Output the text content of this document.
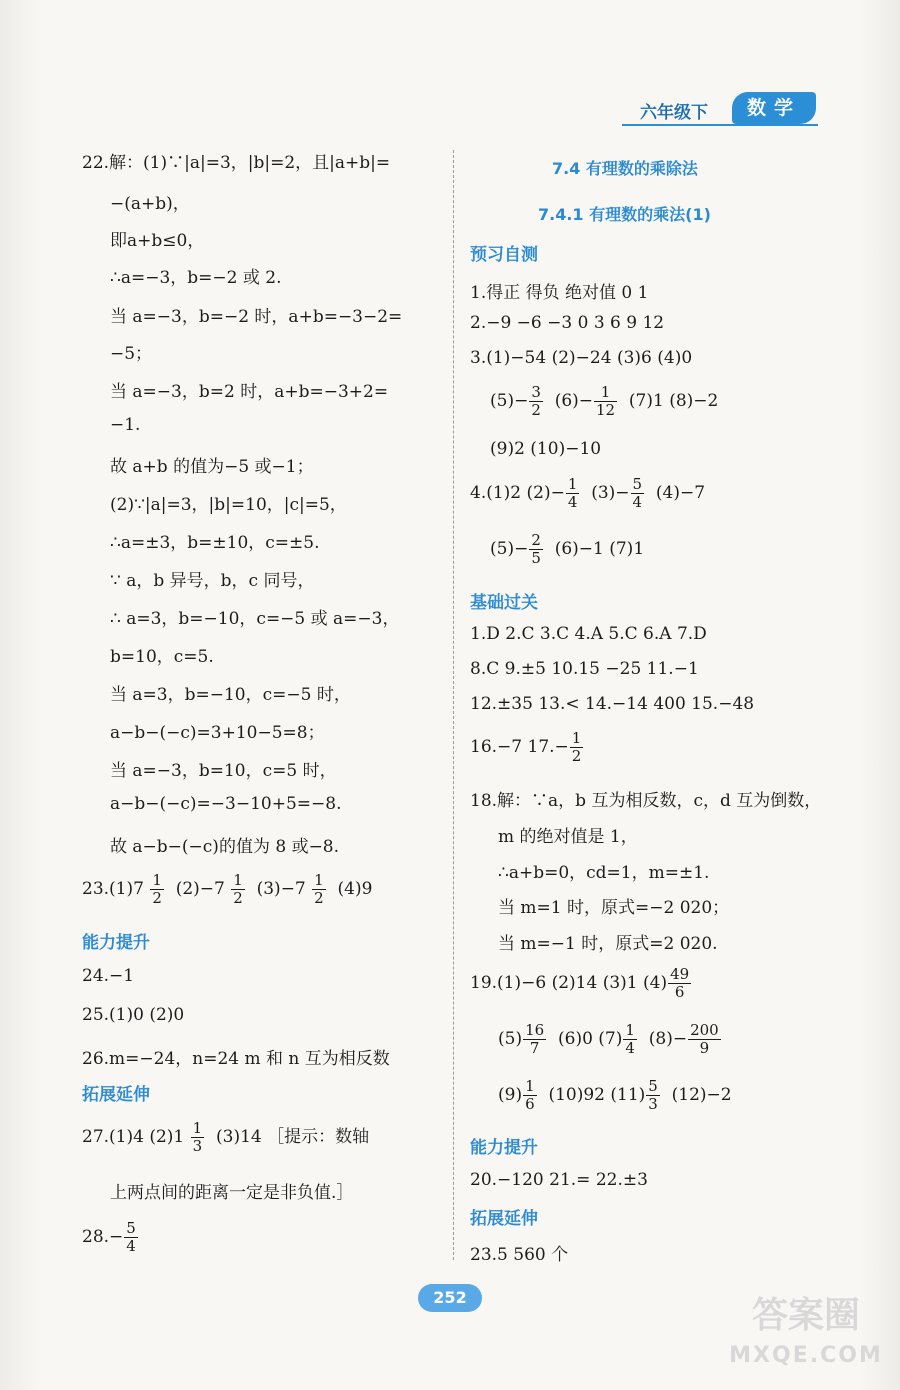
六年级下	数学
22.解：(1)∵|a|=3，|b|=2，且|a+b|=
−(a+b)，
即a+b≤0，
∴a=−3，b=−2 或 2.
当 a=−3，b=−2 时，a+b=−3−2=
−5；
当 a=−3，b=2 时，a+b=−3+2=
−1.
故 a+b 的值为−5 或−1；
(2)∵|a|=3，|b|=10，|c|=5，
∴a=±3，b=±10，c=±5.
∵ a，b 异号，b，c 同号，
∴ a=3，b=−10，c=−5 或 a=−3，
b=10，c=5.
当 a=3，b=−10，c=−5 时，
a−b−(−c)=3+10−5=8；
当 a=−3，b=10，c=5 时，
a−b−(−c)=−3−10+5=−8.
故 a−b−(−c)的值为 8 或−8.
$23.(1)7 \frac{1}{2} (2)-7 \frac{1}{2} (3)-7 \frac{1}{2} (4)9$
能力提升
24.−1
25.(1)0 (2)0
26.m=−24，n=24 m 和 n 互为相反数
拓展延伸
27.(1)4 $(2)1 \frac{1}{3} (3)14$ ［提示：数轴
上两点间的距离一定是非负值.］
$28.- \frac{5}{4}$
7.4 有理数的乘除法
7.4.1 有理数的乘法(1)
预习自测
1.得正 得负 绝对值 0 1
2.−9 −6 −3 0 3 6 9 12
3.(1)−54 (2)−24 (3)6 (4)0
$(5)- \frac{3}{2} (6)- \frac{1}{12} (7)1$ (8)−2
(9)2 (10)−10
4.(1)2 $(2)- \frac{1}{4} (3)- \frac{5}{4} (4)-7$
$(5)- \frac{2}{5} (6)-1$ (7)1
基础过关
1.D 2.C 3.C 4.A 5.C 6.A 7.D
8.C 9.±5 10.15 −25 11.−1
12.±35 13.< 14.−14 400 15.−48
16.−7 $17.- \frac{1}{2}$
18.解：∵a，b 互为相反数，c，d 互为倒数，
m 的绝对值是 1，
∴a+b=0，cd=1，m=±1.
当 m=1 时，原式=−2 020；
当 m=−1 时，原式=2 020.
19.(1)−6 (2)14 (3)1 $(4) \frac{49}{6}$
$(5) \frac{16}{7} (6)0$ $(7) \frac{1}{4} (8)- \frac{200}{9}$
$(9) \frac{1}{6} (10)92$ $(11) \frac{5}{3} (12)-2$
能力提升
20.−120 21.= 22.±3
拓展延伸
23.5 560 个
252	答案圈
MXQE.COM
